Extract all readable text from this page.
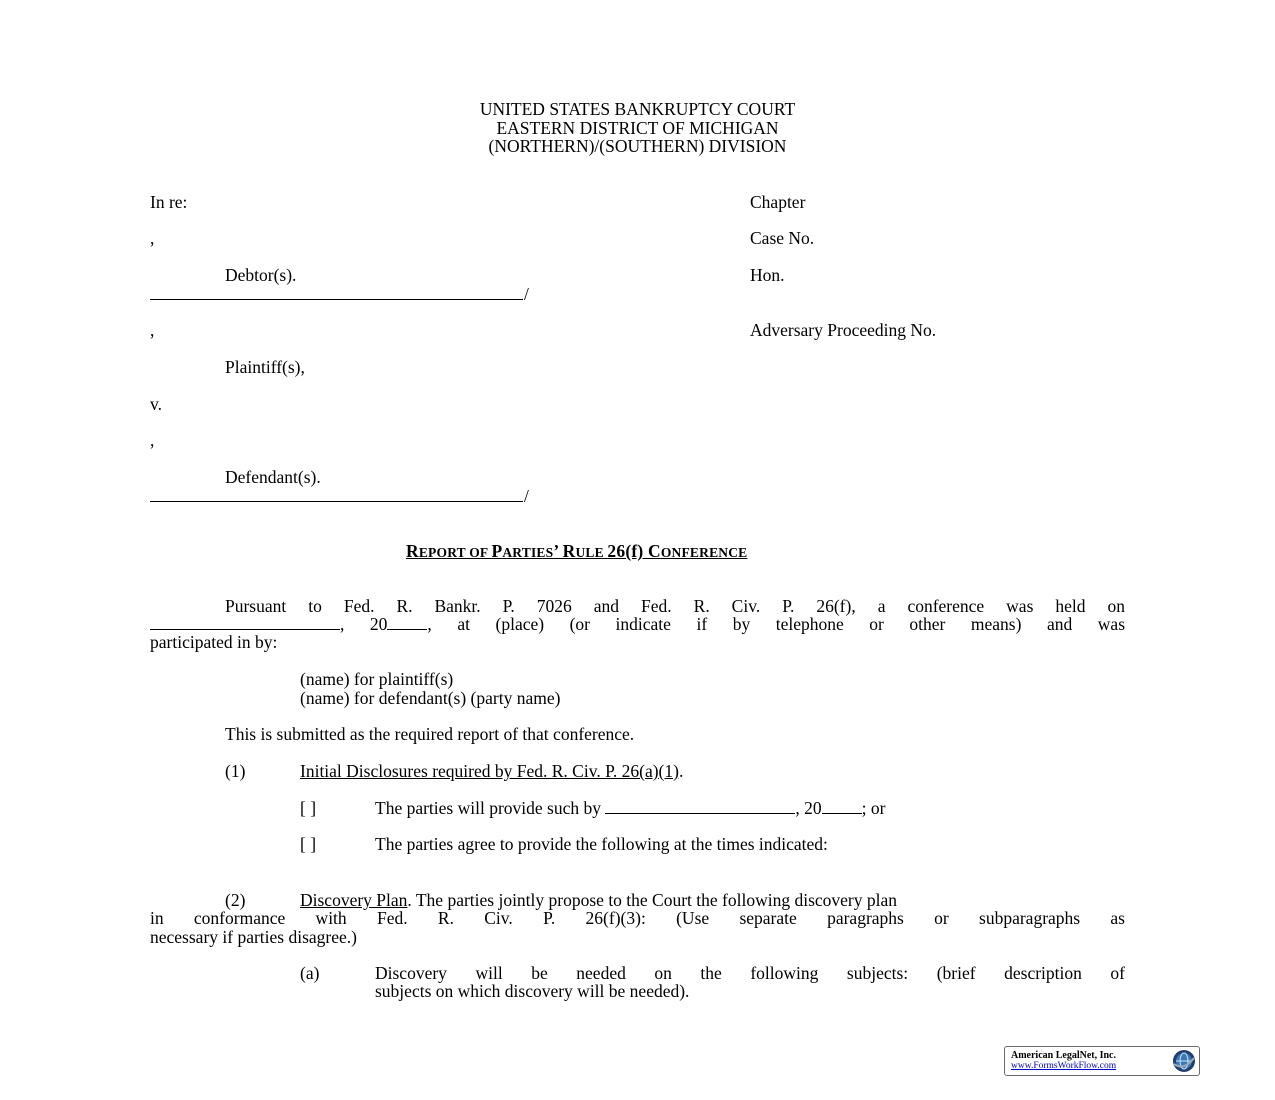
UNITED STATES BANKRUPTCY COURT
EASTERN DISTRICT OF MICHIGAN
(NORTHERN)/(SOUTHERN) DIVISION
In re:
,
Debtor(s).
/
,
Plaintiff(s),
v.
,
Defendant(s).
/
Chapter
Case No.
Hon.
Adversary Proceeding No.
REPORT OF PARTIES’ RULE 26(f) CONFERENCE
Pursuant to Fed. R. Bankr. P. 7026 and Fed. R. Civ. P. 26(f), a conference was held on
, 20 , at (place) (or indicate if by telephone or other means) and was
participated in by:
(name) for plaintiff(s)
(name) for defendant(s) (party name)
This is submitted as the required report of that conference.
(1)	Initial Disclosures required by Fed. R. Civ. P. 26(a)(1).
[ ]	The parties will provide such by	, 20 ; or
[ ]	The parties agree to provide the following at the times indicated:
(2)	Discovery Plan. The parties jointly propose to the Court the following discovery plan
in conformance with Fed. R. Civ. P. 26(f)(3): (Use separate paragraphs or subparagraphs as
necessary if parties disagree.)
(a)	Discovery will be needed on the following subjects: (brief description of
subjects on which discovery will be needed).
American LegalNet, Inc.
www.FormsWorkFlow.com
